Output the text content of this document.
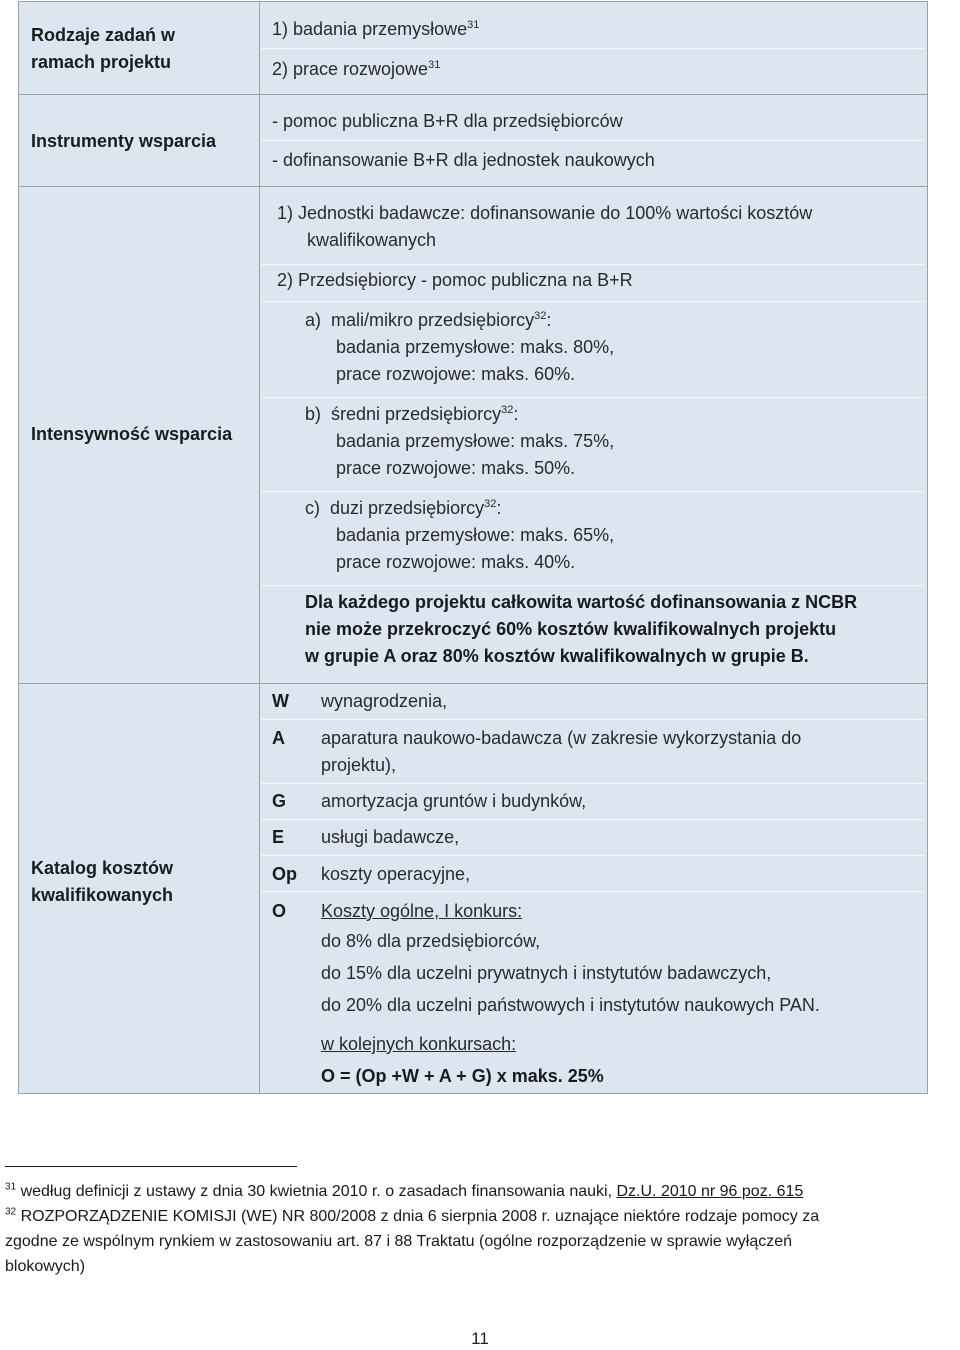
Rodzaje zadań w
ramach projektu
1) badania przemysłowe$^{31}$
2) prace rozwojowe$^{31}$
Instrumenty wsparcia
- pomoc publiczna B+R dla przedsiębiorców
- dofinansowanie B+R dla jednostek naukowych
Intensywność wsparcia
1) Jednostki badawcze: dofinansowanie do 100% wartości kosztów
kwalifikowanych
2) Przedsiębiorcy - pomoc publiczna na B+R
a) mali/mikro przedsiębiorcy$^{32}$:
badania przemysłowe: maks. 80%,
prace rozwojowe: maks. 60%.
b) średni przedsiębiorcy$^{32}$:
badania przemysłowe: maks. 75%,
prace rozwojowe: maks. 50%.
c) duzi przedsiębiorcy$^{32}$:
badania przemysłowe: maks. 65%,
prace rozwojowe: maks. 40%.
Dla każdego projektu całkowita wartość dofinansowania z NCBR
nie może przekroczyć 60% kosztów kwalifikowalnych projektu
w grupie A oraz 80% kosztów kwalifikowalnych w grupie B.
Katalog kosztów
kwalifikowanych
W wynagrodzenia,
A aparatura naukowo-badawcza (w zakresie wykorzystania do
projektu),
G amortyzacja gruntów i budynków,
E usługi badawcze,
Op koszty operacyjne,
O Koszty ogólne, I konkurs:
do 8% dla przedsiębiorców,
do 15% dla uczelni prywatnych i instytutów badawczych,
do 20% dla uczelni państwowych i instytutów naukowych PAN.
w kolejnych konkursach:
O = (Op +W + A + G) x maks. 25%
$^{31}$ według definicji z ustawy z dnia 30 kwietnia 2010 r. o zasadach finansowania nauki, Dz.U. 2010 nr 96 poz. 615
$^{32}$ ROZPORZĄDZENIE KOMISJI (WE) NR 800/2008 z dnia 6 sierpnia 2008 r. uznające niektóre rodzaje pomocy za
zgodne ze wspólnym rynkiem w zastosowaniu art. 87 i 88 Traktatu (ogólne rozporządzenie w sprawie wyłączeń
blokowych)
11
